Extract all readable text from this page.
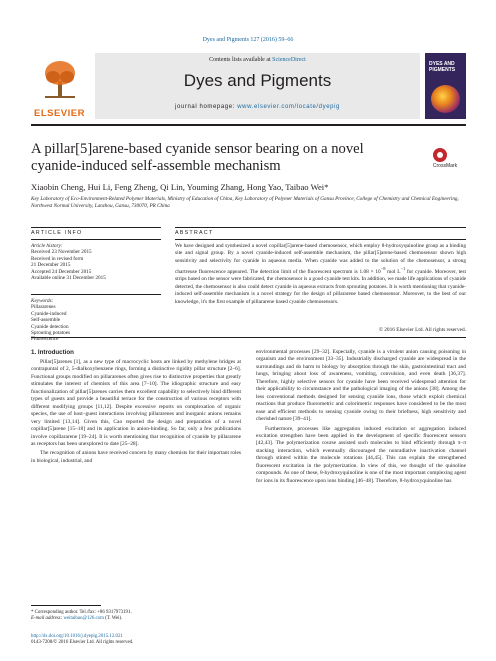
Dyes and Pigments 127 (2016) 59–66
ELSEVIER
Contents lists available at ScienceDirect
Dyes and Pigments
journal homepage: www.elsevier.com/locate/dyepig
DYES AND PIGMENTS
A pillar[5]arene-based cyanide sensor bearing on a novel cyanide-induced self-assemble mechanism	CrossMark
Xiaobin Cheng, Hui Li, Feng Zheng, Qi Lin, Youming Zhang, Hong Yao, Taibao Wei*
Key Laboratory of Eco-Environment-Related Polymer Materials, Ministry of Education of China, Key Laboratory of Polymer Materials of Gansu Province, College of Chemistry and Chemical Engineering, Northwest Normal University, Lanzhou, Gansu, 730070, PR China
ARTICLE INFO	ABSTRACT
Article history:
Received 23 November 2015
Received in revised form
21 December 2015
Accepted 24 December 2015
Available online 31 December 2015
Keywords:
Pillararenes
Cyanide-induced
Self-assemble
Cyanide detection
Sprouting potatoes
Fluorescence
We have designed and synthesized a novel copillar[5]arene-based chemosensor, which employ 8-hydroxyquinoline group as a binding site and signal group. By a novel cyanide-induced self-assemble mechanism, the pillar[5]arene-based chemosensor shown high sensitivity and selectivity for cyanide in aqueous media. When cyanide was added to the solution of the chemosensor, a strong chartreuse fluorescence appeared. The detection limit of the fluorescent spectrum is $1.08 \times 10^{-8}$ mol $L^{-1}$ for cyanide. Moreover, test strips based on the sensor were fabricated, the chemosensor is a good cyanide test kits. In addition, we made life applications of cyanide detected, the chemosensor is also could detect cyanide in aqueous extracts from sprouting potatoes. It is worth mentioning that cyanide-induced self-assemble mechanism is a novel strategy for the design of pillararene based chemosensor. Moreover, to the best of our knowledge, it's the first example of pillararene based cyanide chemosensors.
© 2016 Elsevier Ltd. All rights reserved.
1. Introduction

Pillar[5]arenes [1], as a new type of macrocyclic hosts are linked by methylene bridges at contrapuntal of 2, 5-dialkoxybenzene rings, forming a distinctive rigidity pillar structure [2–6]. Functional groups modified on pillararenes often gives rise to distinctive properties that greatly stimulates the interest of chemists of this area [7–10]. The idiographic structure and easy functionalization of pillar[5]arenes carries them excellent capability to selectively bind different types of guests and provide a beautiful terrace for the construction of various receptors with different modifying groups [11,12]. Despite excessive reports on complexation of organic species, the use of host–guest interactions involving pillararenes and inorganic anions remains very limited [13,14]. Given this, Cao reported the design and preparation of a novel copillar[5]arene [15–18] and its application in anion-binding. So far, only a few publications involve copillararene [19–24]. It is worth mentioning that recognition of cyanide by pillararene as receptors has been unexplored to date [25–28].

The recognition of anions have received concern by many chemists for their important roles in biological, industrial, and

environmental processes [29–32]. Especially, cyanide is a virulent anion causing poisoning in organism and the environment [33–35]. Industrially discharged cyanide are widespread in the surroundings and do harm to biology by absorption through the skin, gastrointestinal tract and lungs, bringing about loss of awareness, vomiting, convulsion, and even death [36,37]. Therefore, highly selective sensors for cyanide have been received widespread attention for their applicability to circumstance and the pathological imaging of the anions [38]. Among the less conventional methods designed for sensing cyanide ions, those which exploit chemical reactions that produce fluorometric and colorimetric responses have considered to be the most ease and efficient methods to sensing cyanide owing to their briefness, high sensitivity and cherished nature [39–41].

Furthermore, processes like aggregation induced excitation or aggregation induced excitation strengthen have been applied in the development of specific fluorescent sensors [42,43]. The polymerization course assisted such molecules to bind efficiently through π–π stacking interaction, which eventually discouraged the nonradiative inactivation channel through stinted within the molecule rotations [44,45]. This can explain the strengthened fluorescent excitation in the polymerization. In view of this, we thought of the quinoline compounds. As one of these, 8-hydroxyquinoline is one of the most important complexing agent for ions in its fluorescence upon ions binding [46–48]. Therefore, 8-hydroxyquinoline has

* Corresponding author. Tel./fax: +86 9317973191.
E-mail address: weitaibao@126.com (T. Wei).
http://dx.doi.org/10.1016/j.dyepig.2015.12.021
0143-7208/© 2016 Elsevier Ltd. All rights reserved.
